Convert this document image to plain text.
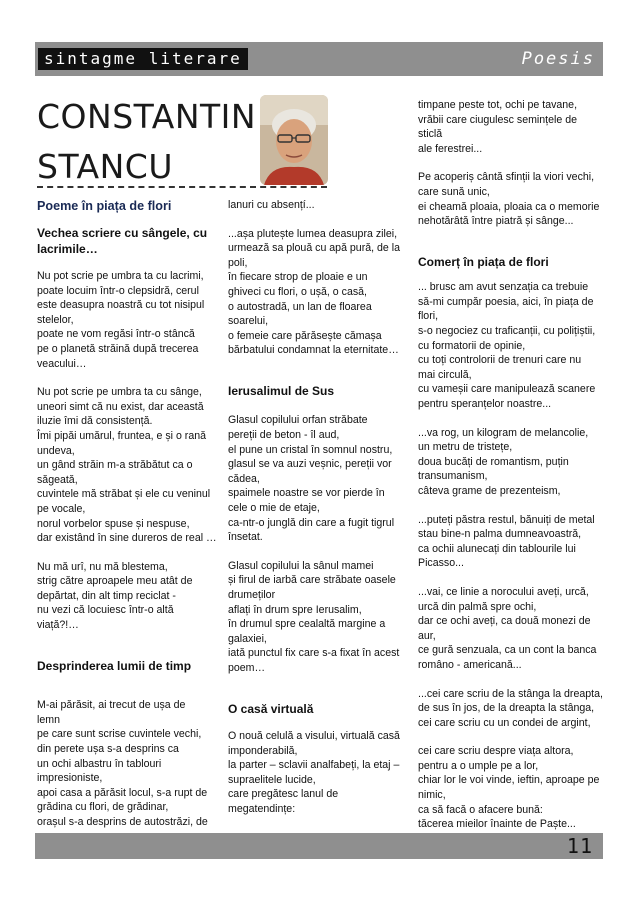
sintagme literare	Poesis
CONSTANTIN
STANCU
Poeme în piața de flori
Vechea scriere cu sângele, cu lacrimile…
Nu pot scrie pe umbra ta cu lacrimi,
poate locuim într-o clepsidră, cerul
este deasupra noastră cu tot nisipul
stelelor,
poate ne vom regăsi într-o stâncă
pe o planetă străină după trecerea
veacului…
Nu pot scrie pe umbra ta cu sânge,
uneori simt că nu exist, dar această
iluzie îmi dă consistență.
Îmi pipăi umărul, fruntea, e și o rană
undeva,
un gând străin m-a străbătut ca o
săgeată,
cuvintele mă străbat și ele cu veninul
pe vocale,
norul vorbelor spuse și nespuse,
dar existând în sine dureros de real …
Nu mă urî, nu mă blestema,
strig către aproapele meu atât de
depărtat, din alt timp reciclat -
nu vezi că locuiesc într-o altă
viață?!…
Desprinderea lumii de timp
M-ai părăsit, ai trecut de ușa de
lemn
pe care sunt scrise cuvintele vechi,
din perete ușa s-a desprins ca
un ochi albastru în tablouri
impresioniste,
apoi casa a părăsit locul, s-a rupt de
grădina cu flori, de grădinar,
orașul s-a desprins de autostrăzi, de
lanuri cu absențí...
...așa plutește lumea deasupra zilei,
urmează sa plouă cu apă pură, de la
poli,
în fiecare strop de ploaie e un
ghiveci cu flori, o ușă, o casă,
o autostradă, un lan de floarea
soarelui,
o femeie care părăsește cămașa
bărbatului condamnat la eternitate…
Ierusalimul de Sus
Glasul copilului orfan străbate
pereții de beton - îl aud,
el pune un cristal în somnul nostru,
glasul se va auzi veșnic, pereții vor
cădea,
spaimele noastre se vor pierde în
cele o mie de etaje,
ca-ntr-o junglă din care a fugit tigrul
însetat.
Glasul copilului la sânul mamei
și firul de iarbă care străbate oasele
drumeților
aflați în drum spre Ierusalim,
în drumul spre cealaltă margine a
galaxiei,
iată punctul fix care s-a fixat în acest
poem…
O casă virtuală
O nouă celulă a visului, virtuală casă
imponderabilă,
la parter – sclavii analfabeți, la etaj –
supraelitele lucide,
care pregătesc lanul de
megatendințe:
timpane peste tot, ochi pe tavane,
vrăbii care ciugulesc semințele de sticlă
ale ferestrei...
Pe acoperiș cântă sfinții la viori vechi,
care sună unic,
ei cheamă ploaia, ploaia ca o memorie
nehotărâtă între piatră și sânge...
Comerț în piața de flori
... brusc am avut senzația ca trebuie
să-mi cumpăr poesia, aici, în piața de
flori,
s-o negociez cu traficanții, cu polițiștii,
cu formatorii de opinie,
cu toți controlorii de trenuri care nu
mai circulă,
cu vameșii care manipulează scanere
pentru speranțelor noastre...
...va rog, un kilogram de melancolie,
un metru de tristețe,
doua bucăți de romantism, puțin
transumanism,
câteva grame de prezenteism,
...puteți păstra restul, bănuiți de metal
stau bine-n palma dumneavoastră,
ca ochii alunecați din tablourile lui
Picasso...
...vai, ce linie a norocului aveți, urcă,
urcă din palmă spre ochi,
dar ce ochi aveți, ca două monezi de
aur,
ce gură senzuala, ca un cont la banca
româno - americană...
...cei care scriu de la stânga la dreapta,
de sus în jos, de la dreapta la stânga,
cei care scriu cu un condei de argint,
cei care scriu despre viața altora,
pentru a o umple pe a lor,
chiar lor le voi vinde, ieftin, aproape pe
nimic,
ca să facă o afacere bună:
tăcerea mieilor înainte de Paște...
11
